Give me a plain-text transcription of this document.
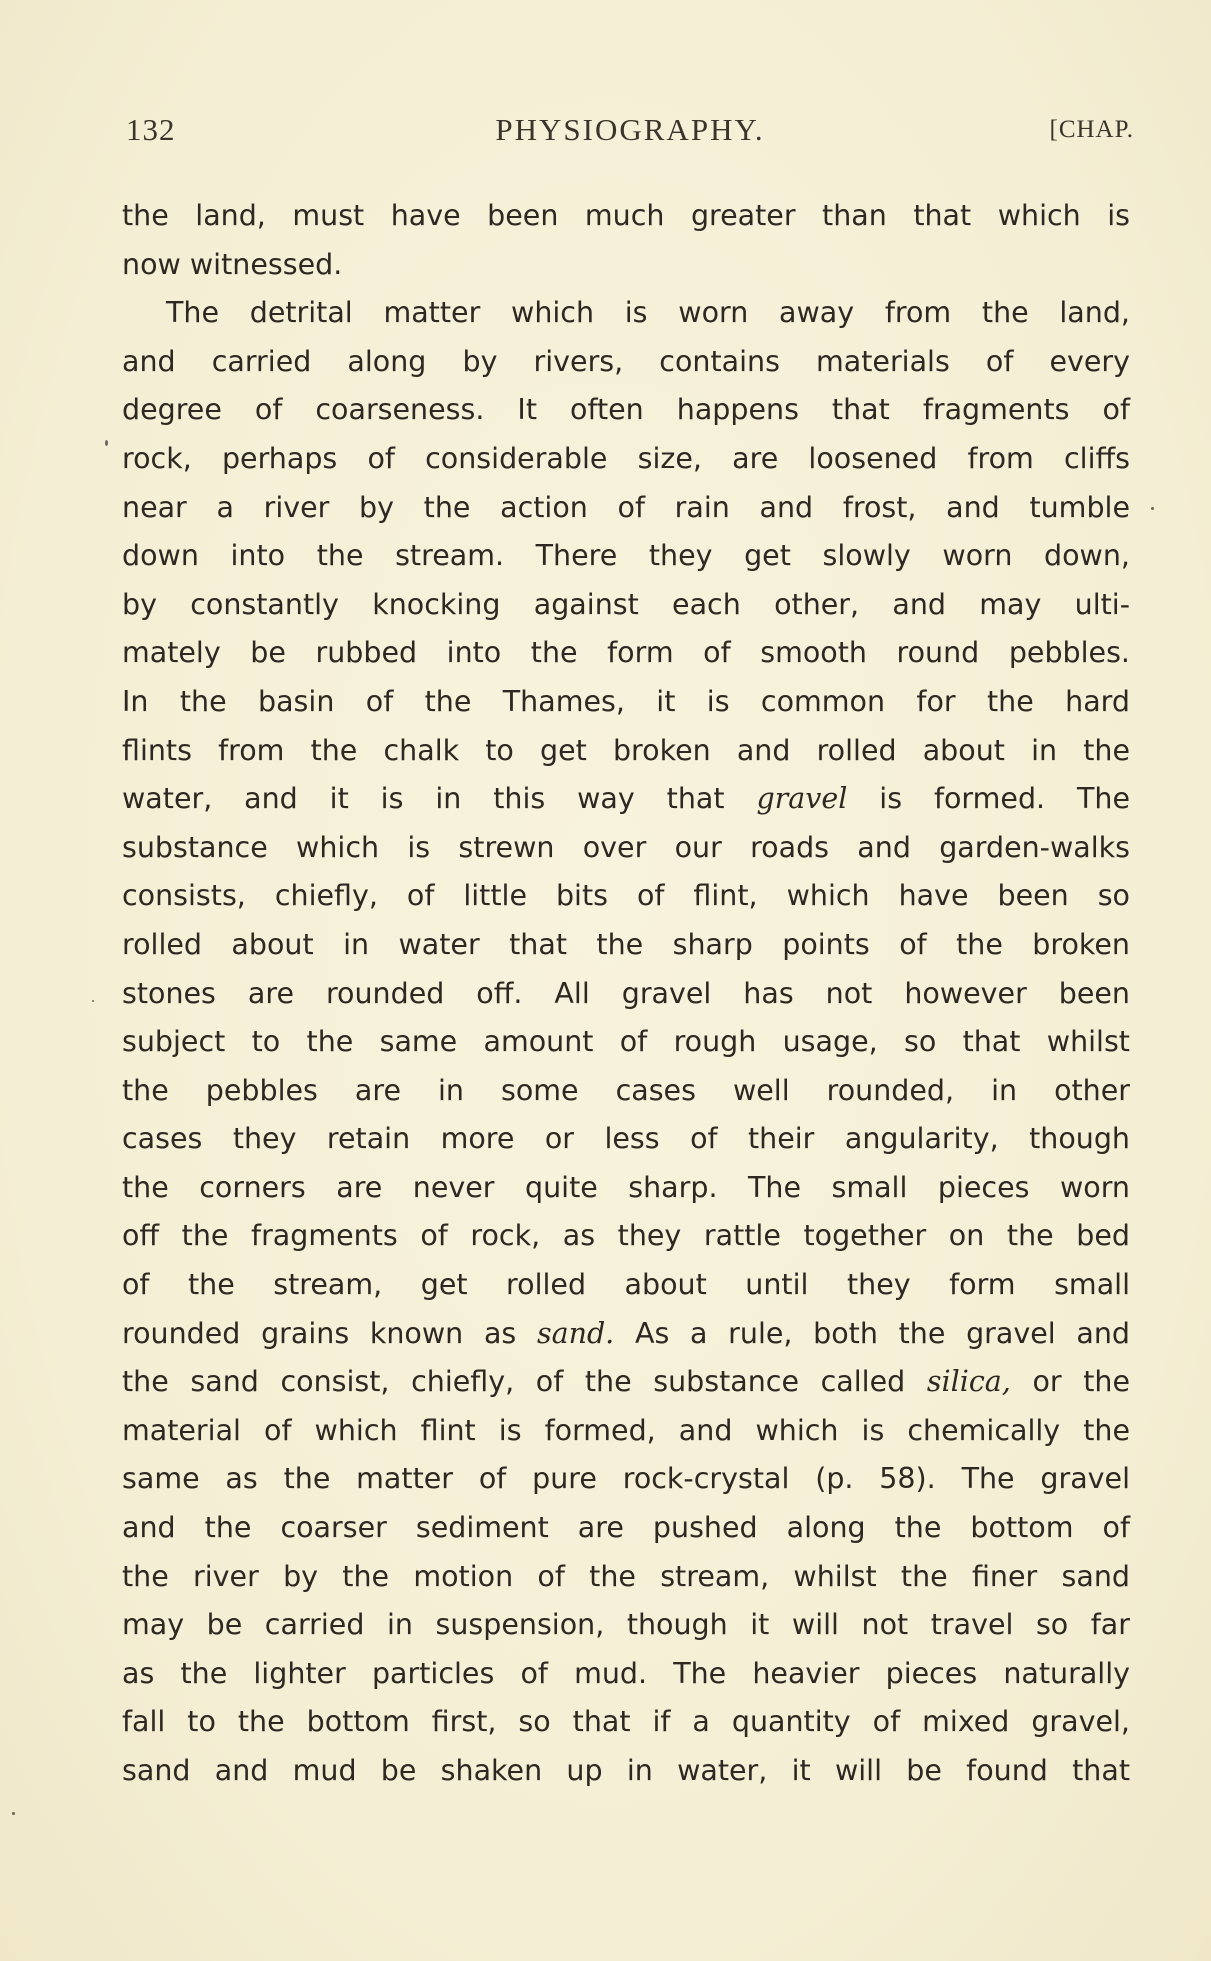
132	PHYSIOGRAPHY.	[CHAP.
the land, must have been much greater than that which is
now witnessed.
The detrital matter which is worn away from the land,
and carried along by rivers, contains materials of every
degree of coarseness. It often happens that fragments of
rock, perhaps of considerable size, are loosened from cliffs
near a river by the action of rain and frost, and tumble
down into the stream. There they get slowly worn down,
by constantly knocking against each other, and may ulti-
mately be rubbed into the form of smooth round pebbles.
In the basin of the Thames, it is common for the hard
flints from the chalk to get broken and rolled about in the
water, and it is in this way that gravel is formed. The
substance which is strewn over our roads and garden-walks
consists, chiefly, of little bits of flint, which have been so
rolled about in water that the sharp points of the broken
stones are rounded off. All gravel has not however been
subject to the same amount of rough usage, so that whilst
the pebbles are in some cases well rounded, in other
cases they retain more or less of their angularity, though
the corners are never quite sharp. The small pieces worn
off the fragments of rock, as they rattle together on the bed
of the stream, get rolled about until they form small
rounded grains known as sand. As a rule, both the gravel and
the sand consist, chiefly, of the substance called silica, or the
material of which flint is formed, and which is chemically the
same as the matter of pure rock-crystal (p. 58). The gravel
and the coarser sediment are pushed along the bottom of
the river by the motion of the stream, whilst the finer sand
may be carried in suspension, though it will not travel so far
as the lighter particles of mud. The heavier pieces naturally
fall to the bottom first, so that if a quantity of mixed gravel,
sand and mud be shaken up in water, it will be found that
